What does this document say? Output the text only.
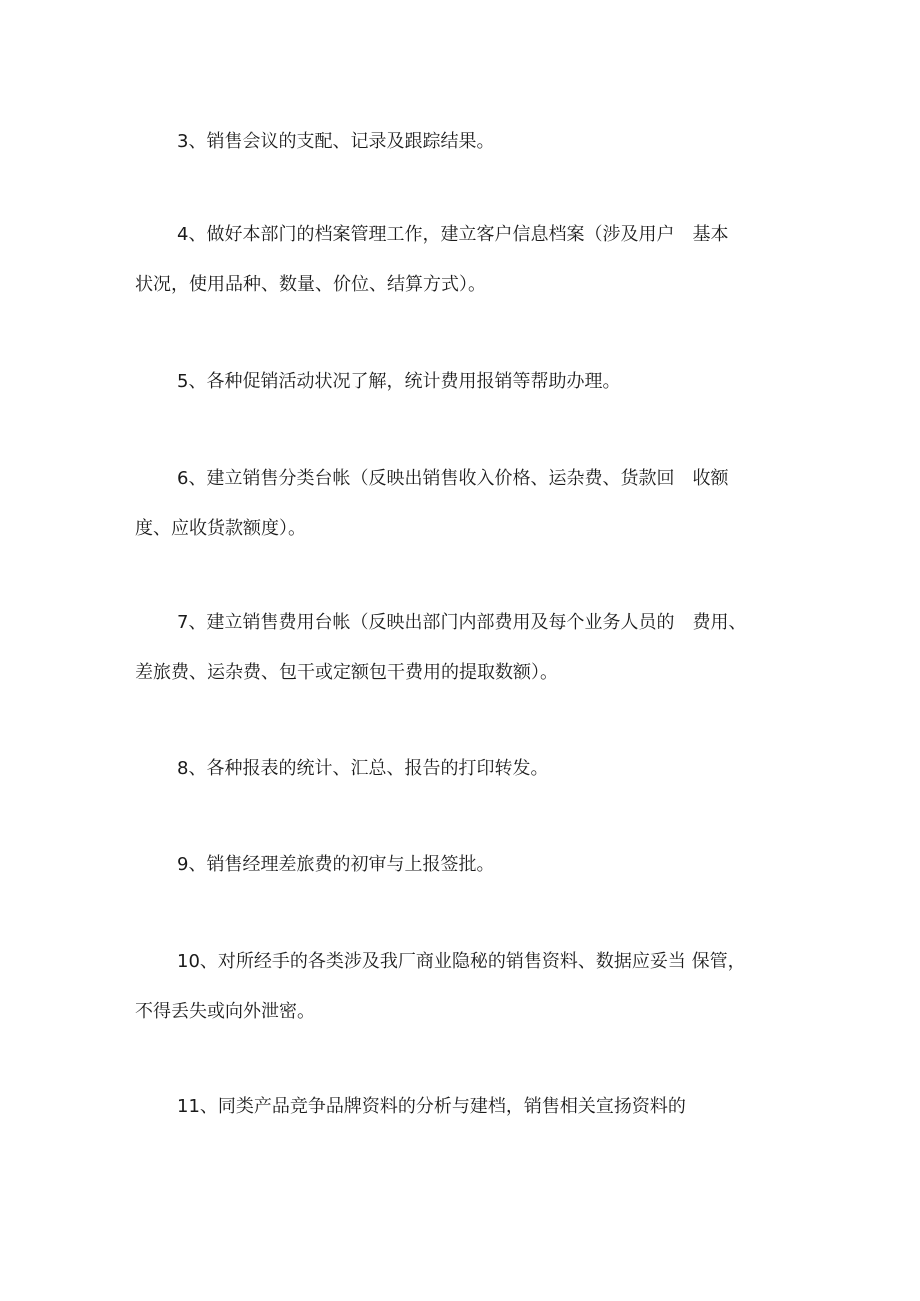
3、销售会议的支配、记录及跟踪结果。
4、做好本部门的档案管理工作，建立客户信息档案（涉及用户　基本
状况，使用品种、数量、价位、结算方式）。
5、各种促销活动状况了解，统计费用报销等帮助办理。
6、建立销售分类台帐（反映出销售收入价格、运杂费、货款回　收额
度、应收货款额度）。
7、建立销售费用台帐（反映出部门内部费用及每个业务人员的　费用、
差旅费、运杂费、包干或定额包干费用的提取数额）。
8、各种报表的统计、汇总、报告的打印转发。
9、销售经理差旅费的初审与上报签批。
10、对所经手的各类涉及我厂商业隐秘的销售资料、数据应妥当 保管，
不得丢失或向外泄密。
11、同类产品竞争品牌资料的分析与建档，销售相关宣扬资料的
